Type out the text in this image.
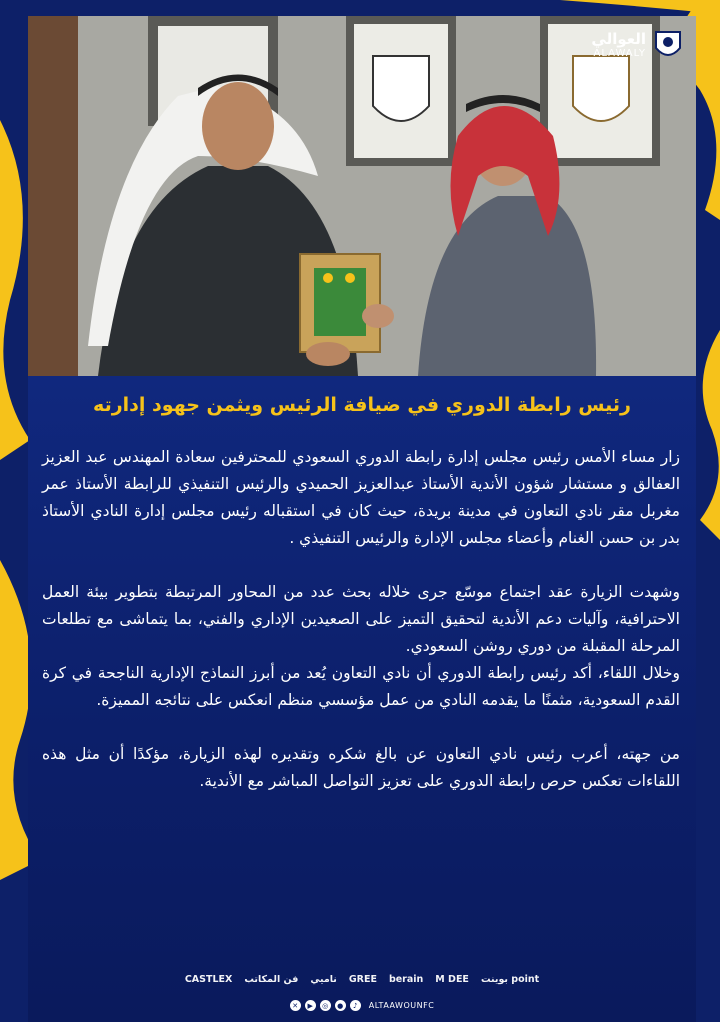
العوالي
ALAWALY
رئيس رابطة الدوري في ضيافة الرئيس ويثمن جهود إدارته

زار مساء الأمس رئيس مجلس إدارة رابطة الدوري السعودي للمحترفين سعادة المهندس عبد العزيز العفالق و مستشار شؤون الأندية الأستاذ عبدالعزيز الحميدي والرئيس التنفيذي للرابطة الأستاذ عمر مغربل مقر نادي التعاون في مدينة بريدة، حيث كان في استقباله رئيس مجلس إدارة النادي الأستاذ بدر بن حسن الغنام وأعضاء مجلس الإدارة والرئيس التنفيذي .

وشهدت الزيارة عقد اجتماع موسّع جرى خلاله بحث عدد من المحاور المرتبطة بتطوير بيئة العمل الاحترافية، وآليات دعم الأندية لتحقيق التميز على الصعيدين الإداري والفني، بما يتماشى مع تطلعات المرحلة المقبلة من دوري روشن السعودي.

وخلال اللقاء، أكد رئيس رابطة الدوري أن نادي التعاون يُعد من أبرز النماذج الإدارية الناجحة في كرة القدم السعودية، مثمنًا ما يقدمه النادي من عمل مؤسسي منظم انعكس على نتائجه المميزة.

من جهته، أعرب رئيس نادي التعاون عن بالغ شكره وتقديره لهذه الزيارة، مؤكدًا أن مثل هذه اللقاءات تعكس حرص رابطة الدوري على تعزيز التواصل المباشر مع الأندية.

CASTLEX فن المكاتب ناميي GREE berain M DEE بوينت point
✕	▶	◎	●	♪	ALTAAWOUNFC
